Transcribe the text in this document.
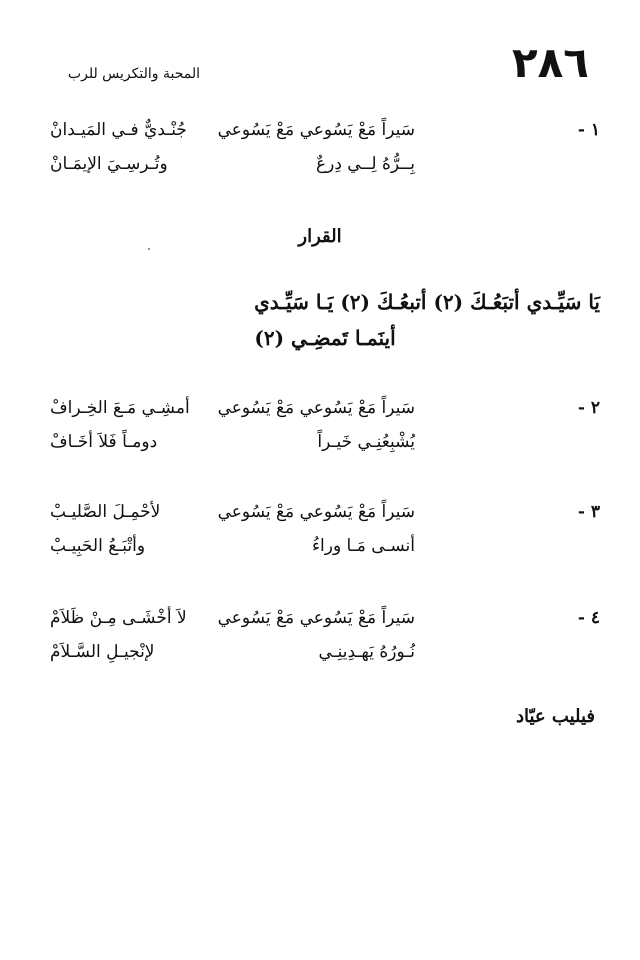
٢٨٦
المحبة والتكريس للرب
١ -
سَيراً مَعْ يَسُوعي مَعْ يَسُوعي
جُنْـديٌّ فـي المَيـدانْ
بِــرُّهُ لِــي دِرعٌ
وتُـرسِـيَ الإيمَـانْ
القرار
يَا سَيِّـدي أتبَعُـكَ (٢) أتبعُـكَ (٢) يَـا سَيِّـدي
أينَمـا تَمضِـي (٢)
٢ -
سَيراً مَعْ يَسُوعي مَعْ يَسُوعي
أمشِـي مَـعَ الخِـرافْ
يُشْبِعُنِـي خَيـراً
دومـاً فَلاَ أخَـافْ
٣ -
سَيراً مَعْ يَسُوعي مَعْ يَسُوعي
لأحْمِـلَ الصَّليـبْ
أنسـى مَـا وراءُ
وأتْبَـعُ الحَبِيـبْ
٤ -
سَيراً مَعْ يَسُوعي مَعْ يَسُوعي
لاَ أخْشَـى مِـنْ ظَلاَمْ
نُـورُهُ يَهـدِينِـي
لإنْجيـلِ السَّـلاَمْ
فيليب عيّاد
